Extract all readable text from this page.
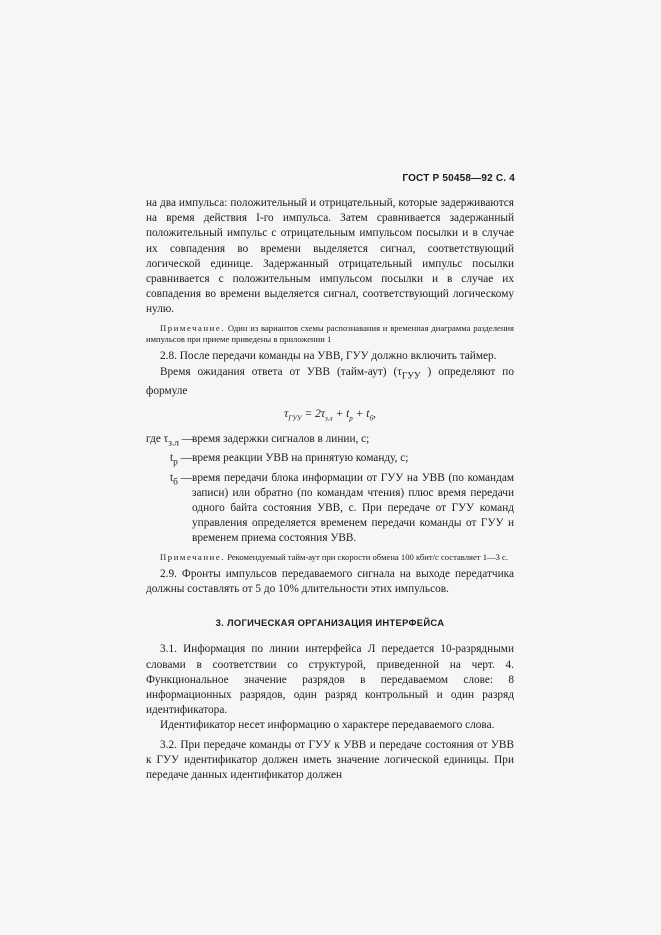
ГОСТ Р 50458—92 С. 4

на два импульса: положительный и отрицательный, которые задерживаются на время действия I-го импульса. Затем сравнивается задержанный положительный импульс с отрицательным импульсом посылки и в случае их совпадения во времени выделяется сигнал, соответствующий логической единице. Задержанный отрицательный импульс посылки сравнивается с положительным импульсом посылки и в случае их совпадения во времени выделяется сигнал, соответствующий логическому нулю.

Примечание. Один из вариантов схемы распознавания и временная диаграмма разделения импульсов при приеме приведены в приложении 1

2.8. После передачи команды на УВВ, ГУУ должно включить таймер.

Время ожидания ответа от УВВ (тайм-аут) ($\tau_{ГУУ}$ ) определяют по формуле

$\tau_{ГУУ} = 2\tau_{з.л} + t_р + t_б$,
где $\tau_{з.л}$ —
время задержки сигналов в линии, с;
$t_р$ — время реакции УВВ на принятую команду, с;
$t_б$ — время передачи блока информации от ГУУ на УВВ (по командам записи) или обратно (по командам чтения) плюс время передачи одного байта состояния УВВ, с. При передаче от ГУУ команд управления определяется временем передачи команды от ГУУ и временем приема состояния УВВ.

Примечание. Рекомендуемый тайм-аут при скорости обмена 100 кбит/с составляет 1—3 с.

2.9. Фронты импульсов передаваемого сигнала на выходе передатчика должны составлять от 5 до 10% длительности этих импульсов.

3. ЛОГИЧЕСКАЯ ОРГАНИЗАЦИЯ ИНТЕРФЕЙСА

3.1. Информация по линии интерфейса Л передается 10-разрядными словами в соответствии со структурой, приведенной на черт. 4. Функциональное значение разрядов в передаваемом слове: 8 информационных разрядов, один разряд контрольный и один разряд идентификатора.

Идентификатор несет информацию о характере передаваемого слова.

3.2. При передаче команды от ГУУ к УВВ и передаче состояния от УВВ к ГУУ идентификатор должен иметь значение логической единицы. При передаче данных идентификатор должен
